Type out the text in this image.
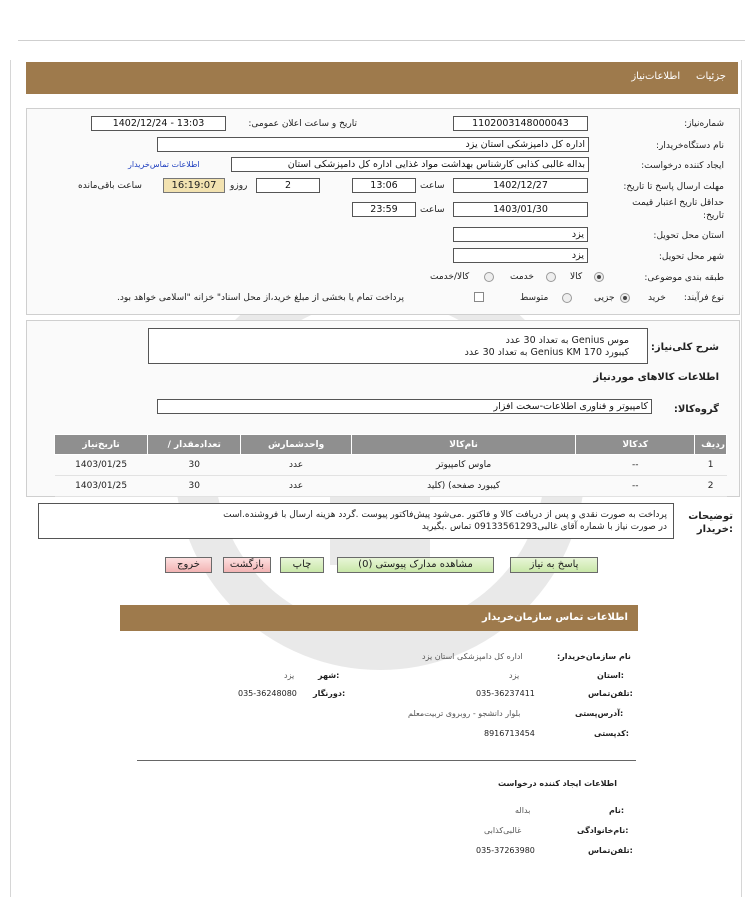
جزئیات     اطلاعات‌نیاز
شماره‌نیاز:
1102003148000043
تاریخ و ساعت اعلان عمومی:
1402/12/24 - 13:03
نام دستگاه‌خریدار:
اداره کل دامپزشکی استان یزد
ایجاد کننده درخواست:
بداله غالبی کذابی کارشناس بهداشت مواد غذایی اداره کل دامپزشکی استان
اطلاعات تماس‌خریدار
مهلت ارسال پاسخ تا تاریخ:
1402/12/27
ساعت
13:06
2
روزو
16:19:07
ساعت باقی‌مانده
حداقل تاریخ اعتبار قیمت
تاریخ:
1403/01/30
ساعت
23:59
استان محل تحویل:
یزد
شهر محل تحویل:
یزد
طبقه بندی موضوعی:
کالا
خدمت
کالا/خدمت
نوع فرآیند:
خرید
جزیی
متوسط
پرداخت تمام یا بخشی از مبلغ خرید،از محل اسناد" خزانه "اسلامی خواهد بود.
شرح کلی‌نیاز:
موس Genius به تعداد 30 عدد
کیبورد Genius KM 170 به تعداد 30 عدد
اطلاعات کالاهای موردنیاز
گروه‌کالا:
کامپیوتر و فناوری اطلاعات-سخت افزار
تاریخ‌نیاز	/ تعدادمقدار	واحدشمارش	نام‌کالا	کدکالا	ردیف
1403/01/25	30	عدد	ماوس کامپیوتر	--	1
1403/01/25	30	عدد	کیبورد صفحه) (کلید	--	2
توضیحات
:خریدار
پرداخت به صورت نقدی و پس از دریافت کالا و فاکتور .می‌شود پیش‌فاکتور پیوست .گردد هزینه ارسال با فروشنده.است
در صورت نیاز با شماره آقای غالبی09133561293 تماس .بگیرید
پاسخ به نیاز
مشاهده مدارک پیوستی (0)
چاپ
بازگشت
خروج
اطلاعات تماس سازمان‌خریدار
نام سازمان‌خریدار:
اداره کل دامپزشکی استان یزد
استان:
یزد
شهر:
یزد
تلفن‌تماس:
035-36237411
دورنگار:
035-36248080
آدرس‌پستی:
بلوار دانشجو - روبروی تربیت‌معلم
کدپستی:
8916713454
اطلاعات ایجاد کننده درخواست
نام:
بداله
نام‌خانوادگی:
غالبی‌کذابی
تلفن‌تماس:
035-37263980
